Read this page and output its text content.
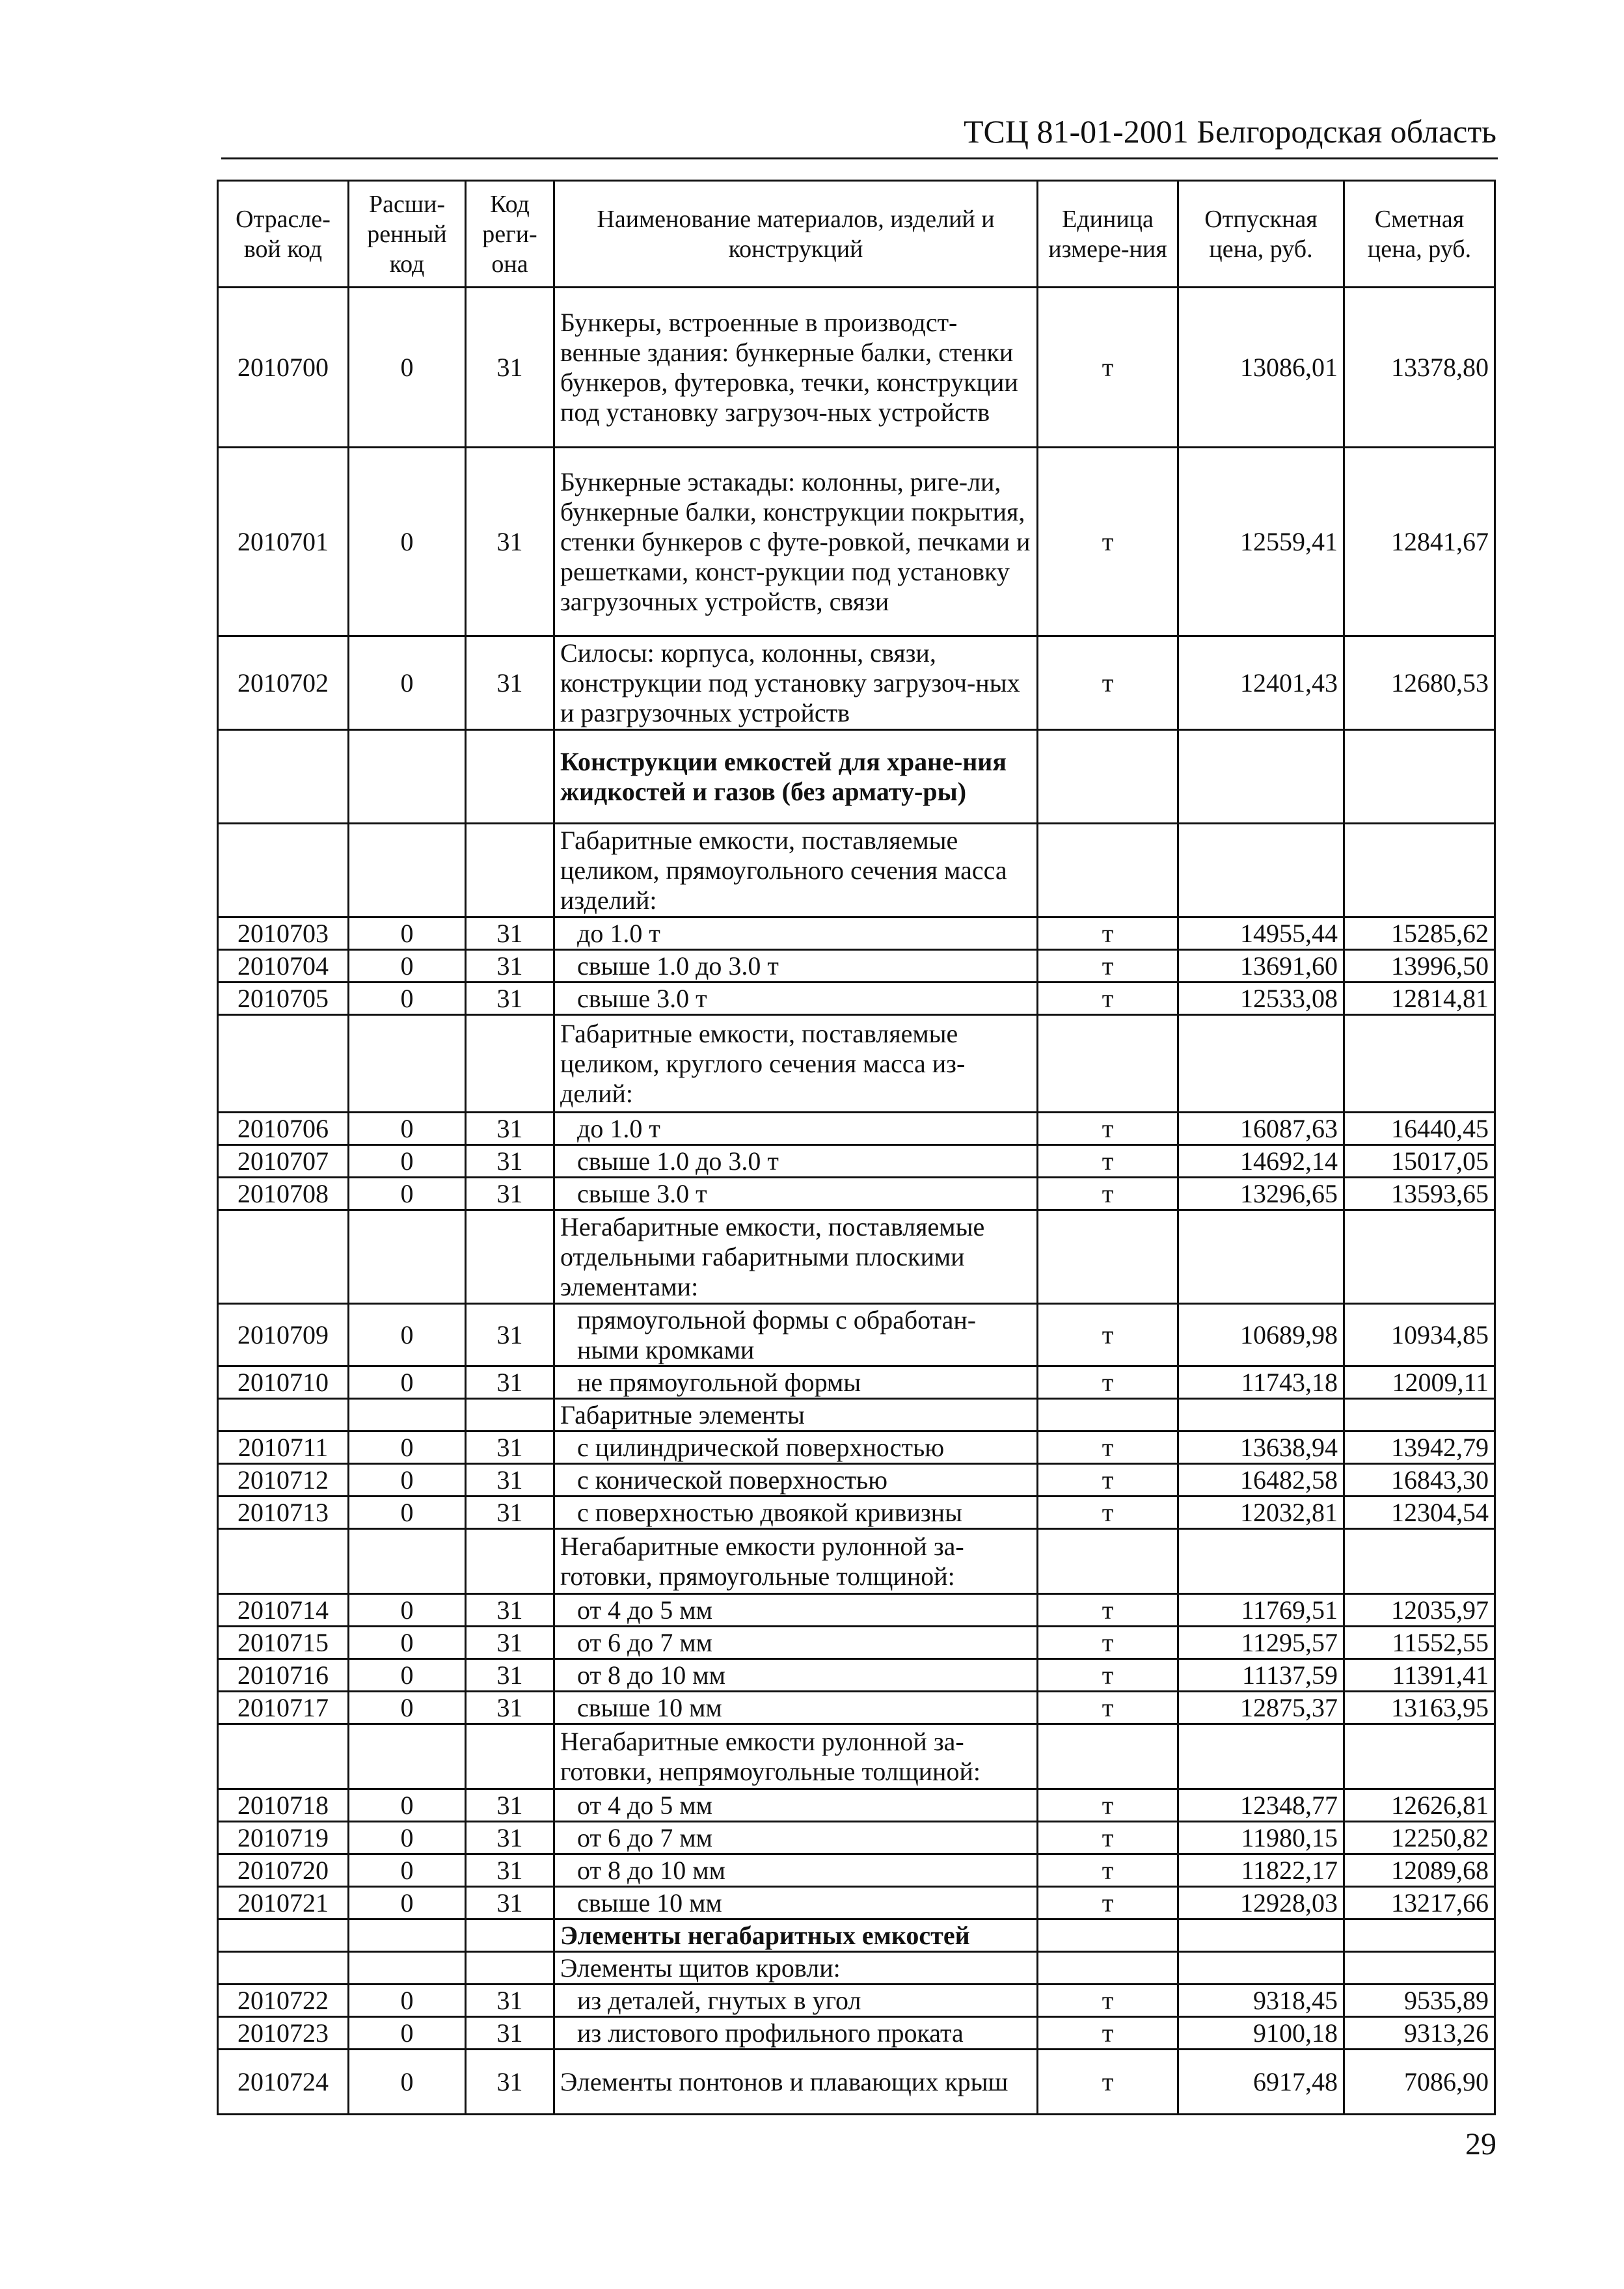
ТСЦ 81-01-2001 Белгородская область
Отрасле-вой код	Расши-ренный код	Код реги-она	Наименование материалов, изделий и конструкций	Единица измере-ния	Отпускная цена, руб.	Сметная цена, руб.
2010700	0	31	Бункеры, встроенные в производст-венные здания: бункерные балки, стенки бункеров, футеровка, течки, конструкции под установку загрузоч-ных устройств	т	13086,01	13378,80
2010701	0	31	Бункерные эстакады: колонны, риге-ли, бункерные балки, конструкции покрытия, стенки бункеров с футе-ровкой, печками и решетками, конст-рукции под установку загрузочных устройств, связи	т	12559,41	12841,67
2010702	0	31	Силосы: корпуса, колонны, связи, конструкции под установку загрузоч-ных и разгрузочных устройств	т	12401,43	12680,53
			Конструкции емкостей для хране-ния жидкостей и газов (без армату-ры)			
			Габаритные емкости, поставляемые целиком, прямоугольного сечения масса изделий:			
2010703	0	31	до 1.0 т	т	14955,44	15285,62
2010704	0	31	свыше 1.0 до 3.0 т	т	13691,60	13996,50
2010705	0	31	свыше 3.0 т	т	12533,08	12814,81
			Габаритные емкости, поставляемые целиком, круглого сечения масса из-делий:			
2010706	0	31	до 1.0 т	т	16087,63	16440,45
2010707	0	31	свыше 1.0 до 3.0 т	т	14692,14	15017,05
2010708	0	31	свыше 3.0 т	т	13296,65	13593,65
			Негабаритные емкости, поставляемые отдельными габаритными плоскими элементами:			
2010709	0	31	прямоугольной формы с обработан-ными кромками	т	10689,98	10934,85
2010710	0	31	не прямоугольной формы	т	11743,18	12009,11
			Габаритные элементы			
2010711	0	31	с цилиндрической поверхностью	т	13638,94	13942,79
2010712	0	31	с конической поверхностью	т	16482,58	16843,30
2010713	0	31	с поверхностью двоякой кривизны	т	12032,81	12304,54
			Негабаритные емкости рулонной за-готовки, прямоугольные толщиной:			
2010714	0	31	от 4 до 5 мм	т	11769,51	12035,97
2010715	0	31	от 6 до 7 мм	т	11295,57	11552,55
2010716	0	31	от 8 до 10 мм	т	11137,59	11391,41
2010717	0	31	свыше 10 мм	т	12875,37	13163,95
			Негабаритные емкости рулонной за-готовки, непрямоугольные толщиной:			
2010718	0	31	от 4 до 5 мм	т	12348,77	12626,81
2010719	0	31	от 6 до 7 мм	т	11980,15	12250,82
2010720	0	31	от 8 до 10 мм	т	11822,17	12089,68
2010721	0	31	свыше 10 мм	т	12928,03	13217,66
			Элементы негабаритных емкостей			
			Элементы щитов кровли:			
2010722	0	31	из деталей, гнутых в угол	т	9318,45	9535,89
2010723	0	31	из листового профильного проката	т	9100,18	9313,26
2010724	0	31	Элементы понтонов и плавающих крыш	т	6917,48	7086,90
29
